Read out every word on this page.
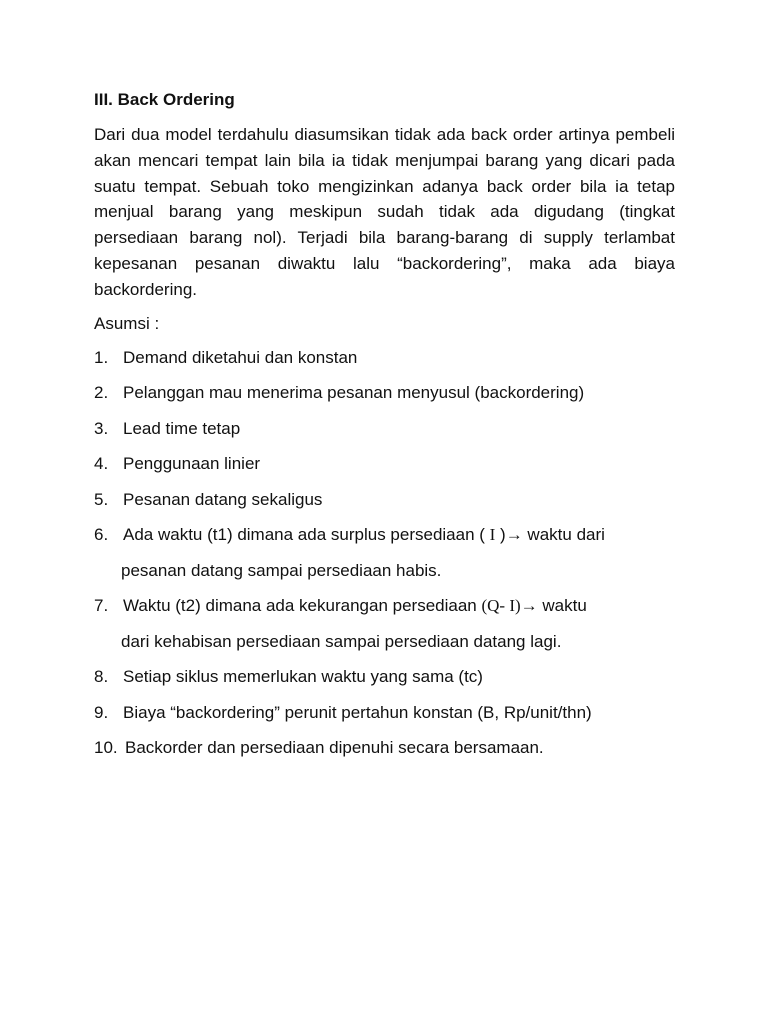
III. Back Ordering

Dari dua model terdahulu diasumsikan tidak ada back order artinya pembeli akan mencari tempat lain bila ia tidak menjumpai barang yang dicari pada suatu tempat. Sebuah toko mengizinkan adanya back order bila ia tetap menjual barang yang meskipun sudah tidak ada digudang (tingkat persediaan barang nol). Terjadi bila barang-barang di supply terlambat kepesanan pesanan diwaktu lalu “backordering”, maka ada biaya backordering.

Asumsi :
1. Demand diketahui dan konstan
2. Pelanggan mau menerima pesanan menyusul (backordering)
3. Lead time tetap
4. Penggunaan linier
5. Pesanan datang sekaligus
6. Ada waktu (t1) dimana ada surplus persediaan ( I )→ waktu dari
pesanan datang sampai persediaan habis.
7. Waktu (t2) dimana ada kekurangan persediaan (Q- I)→ waktu
dari kehabisan persediaan sampai persediaan datang lagi.
8. Setiap siklus memerlukan waktu yang sama (tc)
9. Biaya “backordering” perunit pertahun konstan (B, Rp/unit/thn)
10. Backorder dan persediaan dipenuhi secara bersamaan.
